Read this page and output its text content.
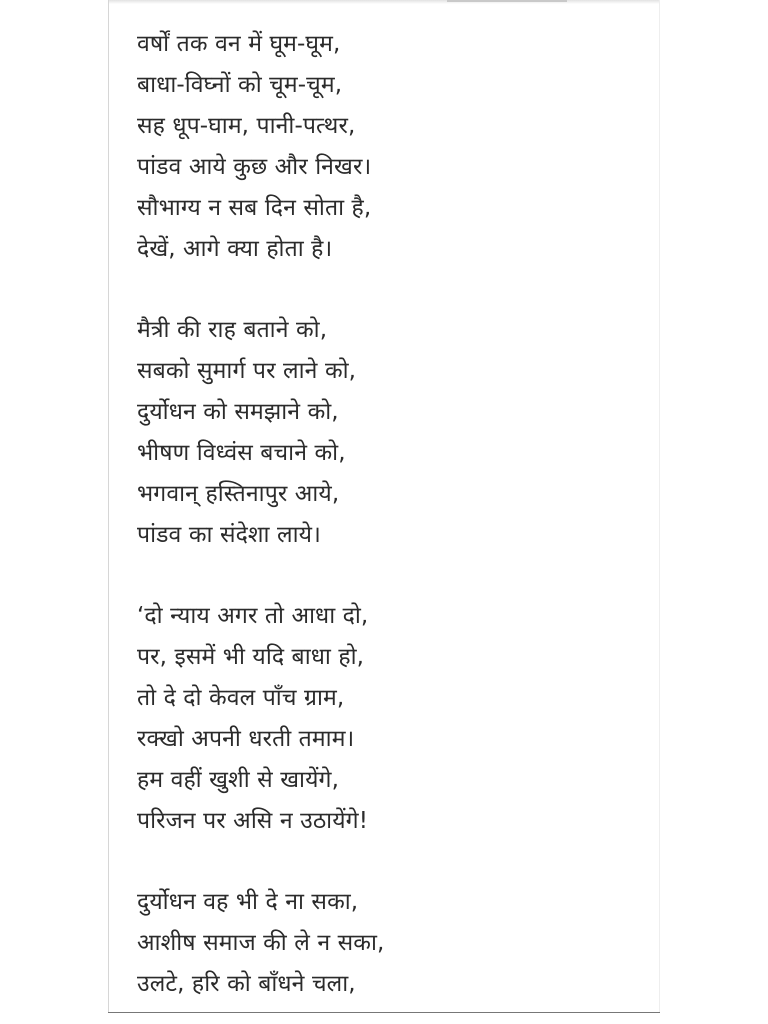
वर्षों तक वन में घूम-घूम,
बाधा-विघ्नों को चूम-चूम,
सह धूप-घाम, पानी-पत्थर,
पांडव आये कुछ और निखर।
सौभाग्य न सब दिन सोता है,
देखें, आगे क्या होता है।
मैत्री की राह बताने को,
सबको सुमार्ग पर लाने को,
दुर्योधन को समझाने को,
भीषण विध्वंस बचाने को,
भगवान् हस्तिनापुर आये,
पांडव का संदेशा लाये।
‘दो न्याय अगर तो आधा दो,
पर, इसमें भी यदि बाधा हो,
तो दे दो केवल पाँच ग्राम,
रक्खो अपनी धरती तमाम।
हम वहीं खुशी से खायेंगे,
परिजन पर असि न उठायेंगे!
दुर्योधन वह भी दे ना सका,
आशीष समाज की ले न सका,
उलटे, हरि को बाँधने चला,
